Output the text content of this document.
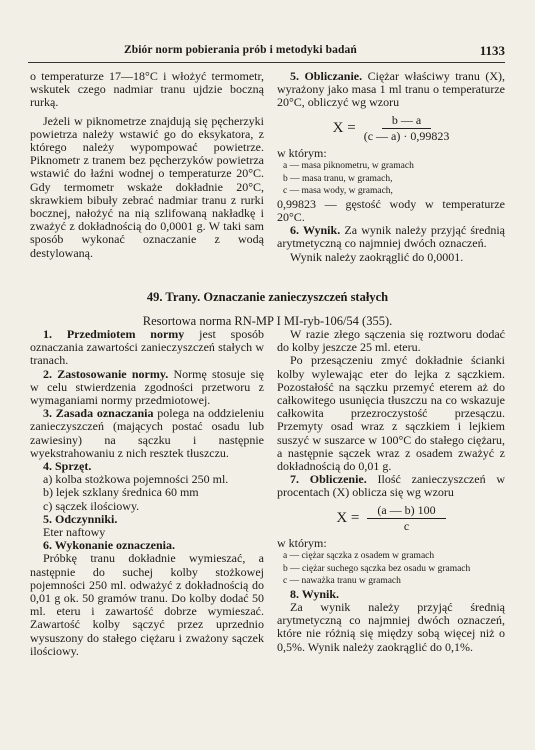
Zbiór norm pobierania prób i metodyki badań	1133

o temperaturze 17—18°C i włożyć termometr, wskutek czego nadmiar tranu ujdzie boczną rurką.

Jeżeli w piknometrze znajdują się pęcherzyki powietrza należy wstawić go do eksykatora, z którego należy wypompować powietrze. Piknometr z tranem bez pęcherzyków powietrza wstawić do łaźni wodnej o temperaturze 20°C. Gdy termometr wskaże dokładnie 20°C, skrawkiem bibuły zebrać nadmiar tranu z rurki bocznej, nałożyć na nią szlifowaną nakładkę i zważyć z dokładnością do 0,0001 g. W taki sam sposób wykonać oznaczanie z wodą destylowaną.

5. Obliczanie. Ciężar właściwy tranu (X), wyrażony jako masa 1 ml tranu o temperaturze 20°C, obliczyć wg wzoru

$X = \frac{b — a}{(c — a) \cdot 0,99823}$

w którym:

a — masa piknometru, w gramach

b — masa tranu, w gramach,

c — masa wody, w gramach,

0,99823 — gęstość wody w temperaturze 20°C.

6. Wynik. Za wynik należy przyjąć średnią arytmetyczną co najmniej dwóch oznaczeń.

Wynik należy zaokrąglić do 0,0001.

49. Trany. Oznaczanie zanieczyszczeń stałych
Resortowa norma RN-MP I MI-ryb-106/54 (355).

1. Przedmiotem normy jest sposób oznaczania zawartości zanieczyszczeń stałych w tranach.

2. Zastosowanie normy. Normę stosuje się w celu stwierdzenia zgodności przetworu z wymaganiami normy przedmiotowej.

3. Zasada oznaczania polega na oddzieleniu zanieczyszczeń (mających postać osadu lub zawiesiny) na sączku i następnie wyekstrahowaniu z nich resztek tłuszczu.

4. Sprzęt.

a) kolba stożkowa pojemności 250 ml.

b) lejek szklany średnica 60 mm

c) sączek ilościowy.

5. Odczynniki.

Eter naftowy

6. Wykonanie oznaczenia.

Próbkę tranu dokładnie wymieszać, a następnie do suchej kolby stożkowej pojemności 250 ml. odważyć z dokładnością do 0,01 g ok. 50 gramów tranu. Do kolby dodać 50 ml. eteru i zawartość dobrze wymieszać. Zawartość kolby sączyć przez uprzednio wysuszony do stałego ciężaru i zważony sączek ilościowy.

W razie złego sączenia się roztworu dodać do kolby jeszcze 25 ml. eteru.

Po przesączeniu zmyć dokładnie ścianki kolby wylewając eter do lejka z sączkiem. Pozostałość na sączku przemyć eterem aż do całkowitego usunięcia tłuszczu na co wskazuje całkowita przezroczystość przesączu. Przemyty osad wraz z sączkiem i lejkiem suszyć w suszarce w 100°C do stałego ciężaru, a następnie sączek wraz z osadem zważyć z dokładnością do 0,01 g.

7. Obliczenie. Ilość zanieczyszczeń w procentach (X) oblicza się wg wzoru

$X = \frac{(a — b) 100}{c}$

w którym:

a — ciężar sączka z osadem w gramach

b — ciężar suchego sączka bez osadu w gramach

c — naważka tranu w gramach

8. Wynik.

Za wynik należy przyjąć średnią arytmetyczną co najmniej dwóch oznaczeń, które nie różnią się między sobą więcej niż o 0,5%. Wynik należy zaokrąglić do 0,1%.
